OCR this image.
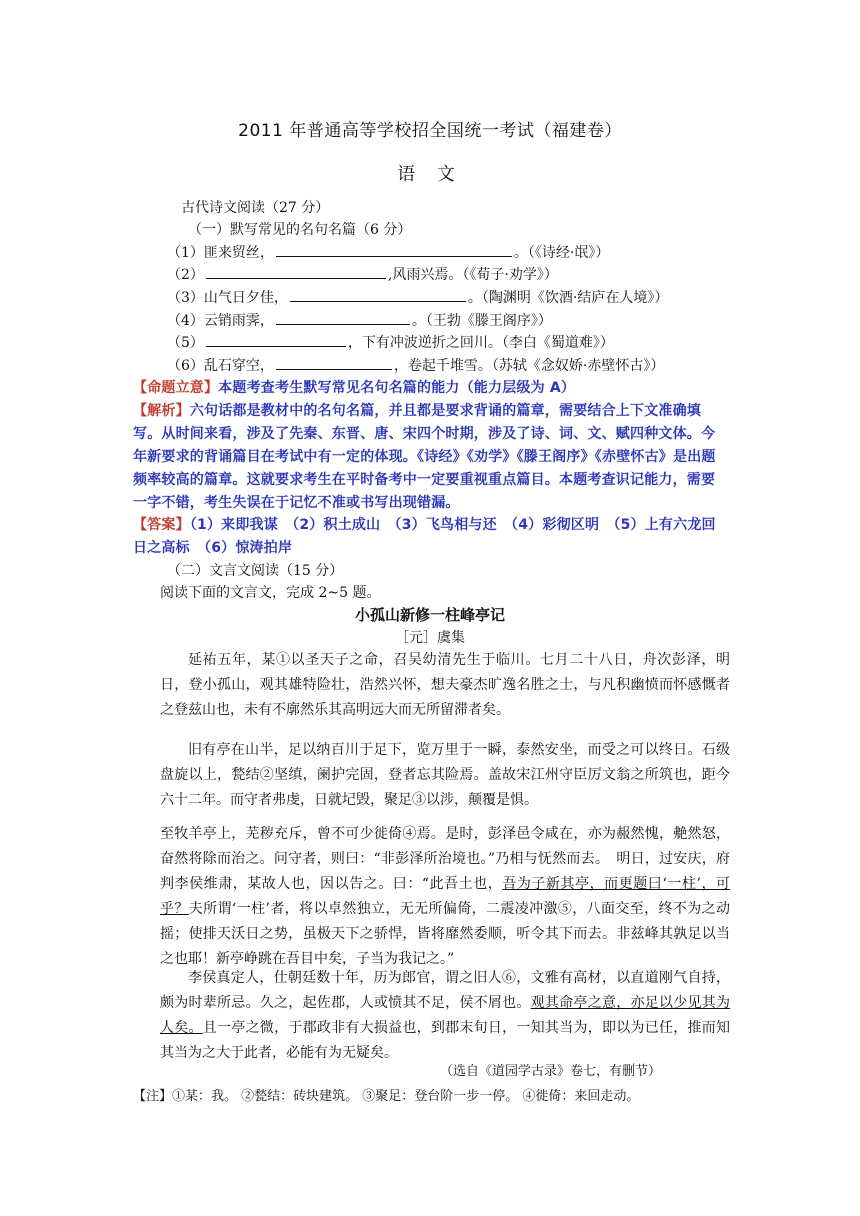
2011 年普通高等学校招全国统一考试（福建卷）
语 文
古代诗文阅读（27 分）
（一）默写常见的名句名篇（6 分）
（1）匪来贸丝，	。（《诗经·氓》）
（2）	,风雨兴焉。（《荀子·劝学》）
（3）山气日夕佳，	。（陶渊明《饮酒·结庐在人境》）
（4）云销雨霁，	。（王勃《滕王阁序》）
（5）	，下有冲波逆折之回川。（李白《蜀道难》）
（6）乱石穿空，	，卷起千堆雪。（苏轼《念奴娇·赤壁怀古》）
【命题立意】本题考查考生默写常见名句名篇的能力（能力层级为 A）
【解析】六句话都是教材中的名句名篇，并且都是要求背诵的篇章，需要结合上下文准确填写。从时间来看，涉及了先秦、东晋、唐、宋四个时期，涉及了诗、词、文、赋四种文体。今年新要求的背诵篇目在考试中有一定的体现。《诗经》《劝学》《滕王阁序》《赤壁怀古》是出题频率较高的篇章。这就要求考生在平时备考中一定要重视重点篇目。本题考查识记能力，需要一字不错，考生失误在于记忆不准或书写出现错漏。
【答案】（1）来即我谋　（2）积土成山　（3）飞鸟相与还　（4）彩彻区明　（5）上有六龙回日之高标　（6）惊涛拍岸
（二）文言文阅读（15 分）
阅读下面的文言文，完成 2~5 题。
小孤山新修一柱峰亭记
［元］虞集
延祐五年，某①以圣天子之命，召吴幼清先生于临川。七月二十八日，舟次彭泽，明日，登小孤山，观其雄特险壮，浩然兴怀，想夫豪杰旷逸名胜之士，与凡积幽愤而怀感慨者之登兹山也，未有不廓然乐其高明远大而无所留滞者矣。
旧有亭在山半，足以纳百川于足下，览万里于一瞬，泰然安坐，而受之可以终日。石级盘旋以上，甃结②坚缜，阑护完固，登者忘其险焉。盖故宋江州守臣厉文翁之所筑也，距今六十二年。而守者弗虔，日就圮毁，聚足③以涉，颠覆是惧。
至牧羊亭上，芜秽充斥，曾不可少徙倚④焉。是时，彭泽邑令咸在，亦为赧然愧，艴然怒，奋然将除而治之。问守者，则曰：“非彭泽所治境也。”乃相与怃然而去。　明日，过安庆，府判李侯维肃，某故人也，因以告之。曰：“此吾土也，吾为子新其亭，而更题曰‘一柱’，可乎？夫所谓‘一柱’者，将以卓然独立，无无所偏倚，二震凌冲激⑤，八面交至，终不为之动摇；使排天沃日之势，虽极天下之骄悍，皆将靡然委顺，听令其下而去。非兹峰其孰足以当之也耶！新亭峥跳在吾目中矣，子当为我记之。”
李侯真定人，仕朝廷数十年，历为郎官，谓之旧人⑥，文雅有高材，以直道刚气自持，颇为时辈所忌。久之，起佐郡，人或愤其不足，侯不屑也。观其命亭之意，亦足以少见其为人矣。且一亭之微，于郡政非有大损益也，到郡末旬日，一知其当为，即以为已任，推而知其当为之大于此者，必能有为无疑矣。
（选自《道园学古录》卷七，有删节）
【注】①某：我。 ②甃结：砖块建筑。 ③聚足：登台阶一步一停。 ④徙倚：来回走动。
